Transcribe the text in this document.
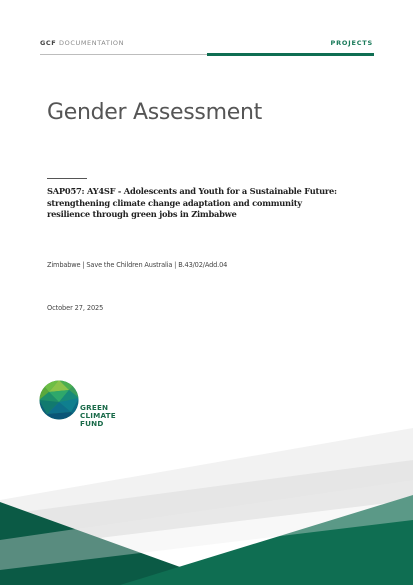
GCF DOCUMENTATION	PROJECTS
Gender Assessment
SAP057: AY4SF - Adolescents and Youth for a Sustainable Future: strengthening climate change adaptation and community resilience through green jobs in Zimbabwe
Zimbabwe | Save the Children Australia | B.43/02/Add.04
October 27, 2025
GREEN
CLIMATE
FUND
